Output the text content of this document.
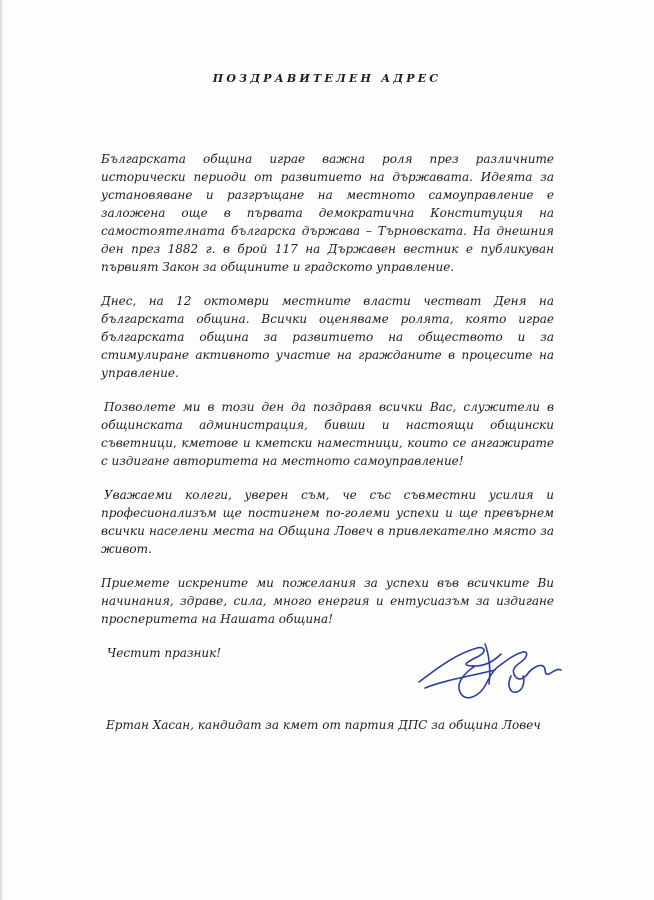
ПОЗДРАВИТЕЛЕН АДРЕС

Българската община играе важна роля през различните исторически периоди от развитието на държавата. Идеята за установяване и разгръщане на местното самоуправление е заложена още в първата демократична Конституция на самостоятелната българска държава – Търновската. На днешния ден през 1882 г. в брой 117 на Държавен вестник е публикуван първият Закон за общините и градското управление.

Днес, на 12 октомври местните власти честват Деня на българската община. Всички оценяваме ролята, която играе българската община за развитието на обществото и за стимулиране активното участие на гражданите в процесите на управление.

Позволете ми в този ден да поздравя всички Вас, служители в общинската администрация, бивши и настоящи общински съветници, кметове и кметски наместници, които се ангажирате с издигане авторитета на местното самоуправление!

Уважаеми колеги, уверен съм, че със съвместни усилия и професионализъм ще постигнем по-големи успехи и ще превърнем всички населени места на Община Ловеч в привлекателно място за живот.

Приемете искрените ми пожелания за успехи във всичките Ви начинания, здраве, сила, много енергия и ентусиазъм за издигане просперитета на Нашата община!

Честит празник!

Ертан Хасан, кандидат за кмет от партия ДПС за община Ловеч
